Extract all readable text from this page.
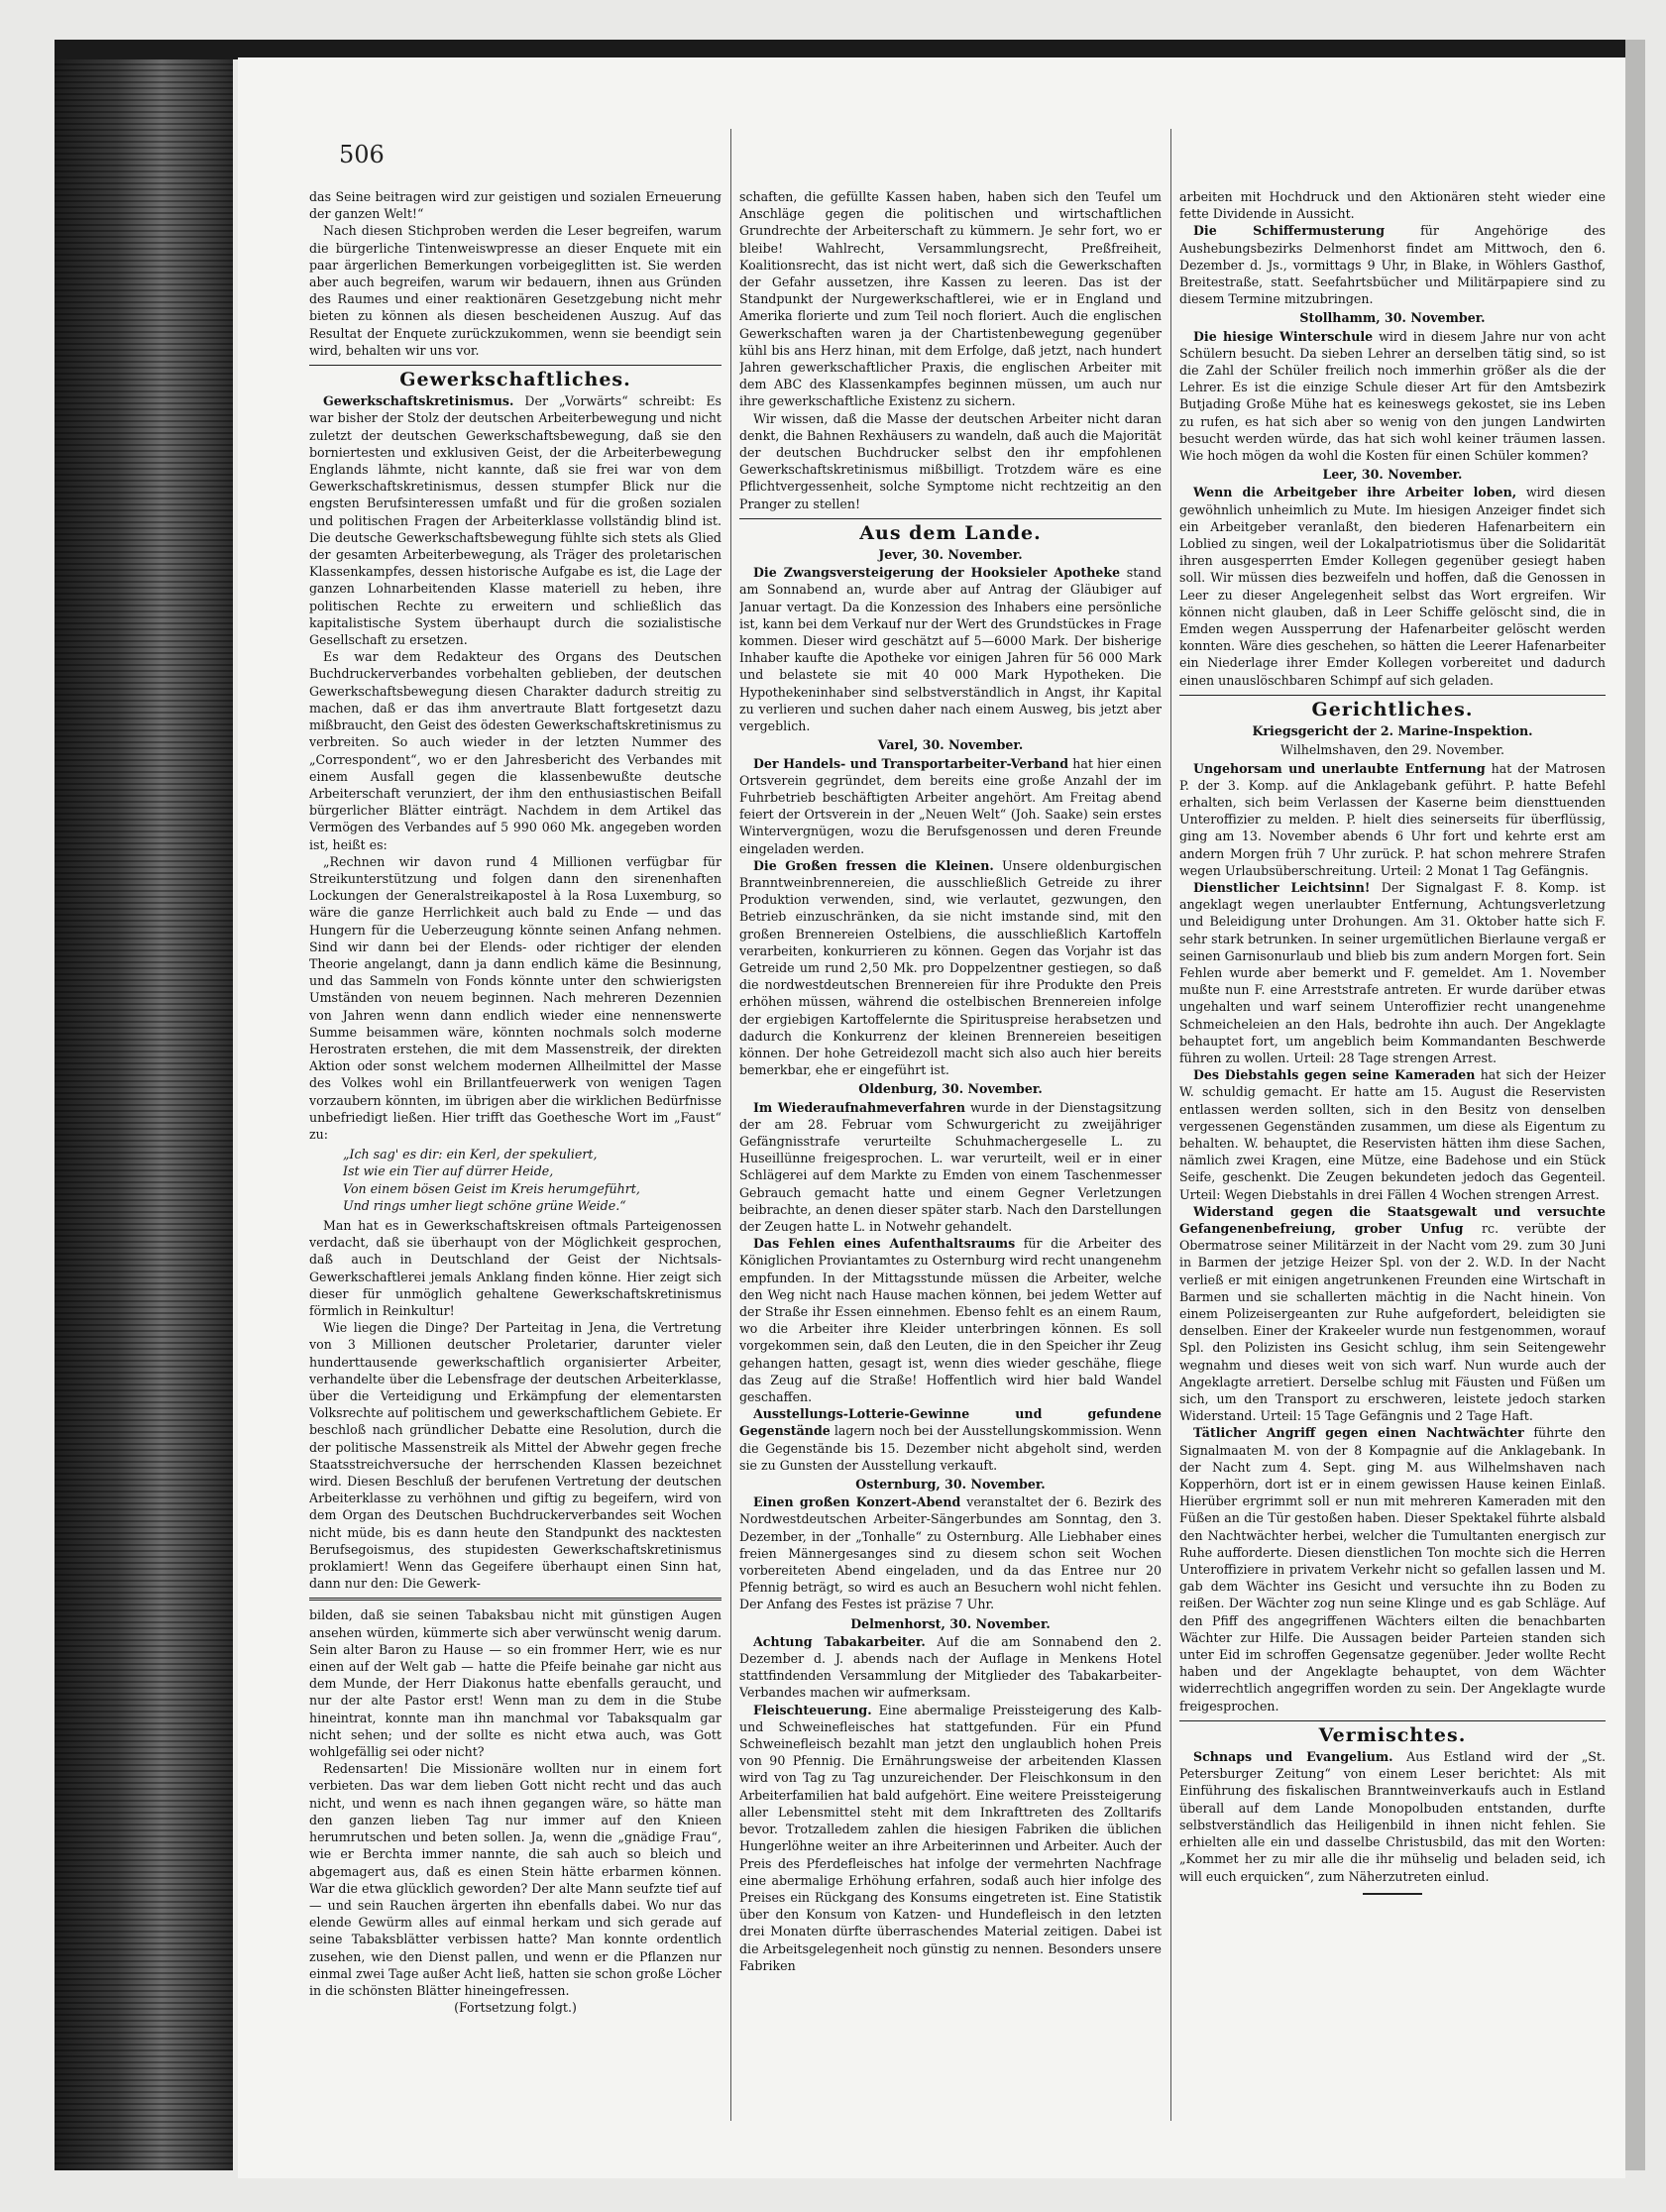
506

das Seine beitragen wird zur geistigen und sozialen Erneuerung der ganzen Welt!“

Nach diesen Stichproben werden die Leser begreifen, warum die bürgerliche Tintenweiswpresse an dieser Enquete mit ein paar ärgerlichen Bemerkungen vorbeigeglitten ist. Sie werden aber auch begreifen, warum wir bedauern, ihnen aus Gründen des Raumes und einer reaktionären Gesetzgebung nicht mehr bieten zu können als diesen bescheidenen Auszug. Auf das Resultat der Enquete zurückzukommen, wenn sie beendigt sein wird, behalten wir uns vor.

Gewerkschaftliches.

Gewerkschaftskretinismus. Der „Vorwärts“ schreibt: Es war bisher der Stolz der deutschen Arbeiterbewegung und nicht zuletzt der deutschen Gewerkschaftsbewegung, daß sie den borniertesten und exklusiven Geist, der die Arbeiterbewegung Englands lähmte, nicht kannte, daß sie frei war von dem Gewerkschaftskretinismus, dessen stumpfer Blick nur die engsten Berufsinteressen umfaßt und für die großen sozialen und politischen Fragen der Arbeiterklasse vollständig blind ist. Die deutsche Gewerkschaftsbewegung fühlte sich stets als Glied der gesamten Arbeiterbewegung, als Träger des proletarischen Klassenkampfes, dessen historische Aufgabe es ist, die Lage der ganzen Lohnarbeitenden Klasse materiell zu heben, ihre politischen Rechte zu erweitern und schließlich das kapitalistische System überhaupt durch die sozialistische Gesellschaft zu ersetzen.

Es war dem Redakteur des Organs des Deutschen Buchdruckerverbandes vorbehalten geblieben, der deutschen Gewerkschaftsbewegung diesen Charakter dadurch streitig zu machen, daß er das ihm anvertraute Blatt fortgesetzt dazu mißbraucht, den Geist des ödesten Gewerkschaftskretinismus zu verbreiten. So auch wieder in der letzten Nummer des „Correspondent“, wo er den Jahresbericht des Verbandes mit einem Ausfall gegen die klassenbewußte deutsche Arbeiterschaft verunziert, der ihm den enthusiastischen Beifall bürgerlicher Blätter einträgt. Nachdem in dem Artikel das Vermögen des Verbandes auf 5 990 060 Mk. angegeben worden ist, heißt es:

„Rechnen wir davon rund 4 Millionen verfügbar für Streikunterstützung und folgen dann den sirenenhaften Lockungen der Generalstreikapostel à la Rosa Luxemburg, so wäre die ganze Herrlichkeit auch bald zu Ende — und das Hungern für die Ueberzeugung könnte seinen Anfang nehmen. Sind wir dann bei der Elends- oder richtiger der elenden Theorie angelangt, dann ja dann endlich käme die Besinnung, und das Sammeln von Fonds könnte unter den schwierigsten Umständen von neuem beginnen. Nach mehreren Dezennien von Jahren wenn dann endlich wieder eine nennenswerte Summe beisammen wäre, könnten nochmals solch moderne Herostraten erstehen, die mit dem Massenstreik, der direkten Aktion oder sonst welchem modernen Allheilmittel der Masse des Volkes wohl ein Brillantfeuerwerk von wenigen Tagen vorzaubern könnten, im übrigen aber die wirklichen Bedürfnisse unbefriedigt ließen. Hier trifft das Goethesche Wort im „Faust“ zu:

„Ich sag' es dir: ein Kerl, der spekuliert,
Ist wie ein Tier auf dürrer Heide,
Von einem bösen Geist im Kreis herumgeführt,
Und rings umher liegt schöne grüne Weide.“

Man hat es in Gewerkschaftskreisen oftmals Parteigenossen verdacht, daß sie überhaupt von der Möglichkeit gesprochen, daß auch in Deutschland der Geist der Nichtsals-Gewerkschaftlerei jemals Anklang finden könne. Hier zeigt sich dieser für unmöglich gehaltene Gewerkschaftskretinismus förmlich in Reinkultur!

Wie liegen die Dinge? Der Parteitag in Jena, die Vertretung von 3 Millionen deutscher Proletarier, darunter vieler hunderttausende gewerkschaftlich organisierter Arbeiter, verhandelte über die Lebensfrage der deutschen Arbeiterklasse, über die Verteidigung und Erkämpfung der elementarsten Volksrechte auf politischem und gewerkschaftlichem Gebiete. Er beschloß nach gründlicher Debatte eine Resolution, durch die der politische Massenstreik als Mittel der Abwehr gegen freche Staatsstreichversuche der herrschenden Klassen bezeichnet wird. Diesen Beschluß der berufenen Vertretung der deutschen Arbeiterklasse zu verhöhnen und giftig zu begeifern, wird von dem Organ des Deutschen Buchdruckerverbandes seit Wochen nicht müde, bis es dann heute den Standpunkt des nacktesten Berufsegoismus, des stupidesten Gewerkschaftskretinismus proklamiert! Wenn das Gegeifere überhaupt einen Sinn hat, dann nur den: Die Gewerk-

bilden, daß sie seinen Tabaksbau nicht mit günstigen Augen ansehen würden, kümmerte sich aber verwünscht wenig darum. Sein alter Baron zu Hause — so ein frommer Herr, wie es nur einen auf der Welt gab — hatte die Pfeife beinahe gar nicht aus dem Munde, der Herr Diakonus hatte ebenfalls geraucht, und nur der alte Pastor erst! Wenn man zu dem in die Stube hineintrat, konnte man ihn manchmal vor Tabaksqualm gar nicht sehen; und der sollte es nicht etwa auch, was Gott wohlgefällig sei oder nicht?

Redensarten! Die Missionäre wollten nur in einem fort verbieten. Das war dem lieben Gott nicht recht und das auch nicht, und wenn es nach ihnen gegangen wäre, so hätte man den ganzen lieben Tag nur immer auf den Knieen herumrutschen und beten sollen. Ja, wenn die „gnädige Frau“, wie er Berchta immer nannte, die sah auch so bleich und abgemagert aus, daß es einen Stein hätte erbarmen können. War die etwa glücklich geworden? Der alte Mann seufzte tief auf — und sein Rauchen ärgerten ihn ebenfalls dabei. Wo nur das elende Gewürm alles auf einmal herkam und sich gerade auf seine Tabaksblätter verbissen hatte? Man konnte ordentlich zusehen, wie den Dienst pallen, und wenn er die Pflanzen nur einmal zwei Tage außer Acht ließ, hatten sie schon große Löcher in die schönsten Blätter hineingefressen.

(Fortsetzung folgt.)

schaften, die gefüllte Kassen haben, haben sich den Teufel um Anschläge gegen die politischen und wirtschaftlichen Grundrechte der Arbeiterschaft zu kümmern. Je sehr fort, wo er bleibe! Wahlrecht, Versammlungsrecht, Preßfreiheit, Koalitionsrecht, das ist nicht wert, daß sich die Gewerkschaften der Gefahr aussetzen, ihre Kassen zu leeren. Das ist der Standpunkt der Nurgewerkschaftlerei, wie er in England und Amerika florierte und zum Teil noch floriert. Auch die englischen Gewerkschaften waren ja der Chartistenbewegung gegenüber kühl bis ans Herz hinan, mit dem Erfolge, daß jetzt, nach hundert Jahren gewerkschaftlicher Praxis, die englischen Arbeiter mit dem ABC des Klassenkampfes beginnen müssen, um auch nur ihre gewerkschaftliche Existenz zu sichern.

Wir wissen, daß die Masse der deutschen Arbeiter nicht daran denkt, die Bahnen Rexhäusers zu wandeln, daß auch die Majorität der deutschen Buchdrucker selbst den ihr empfohlenen Gewerkschaftskretinismus mißbilligt. Trotzdem wäre es eine Pflichtvergessenheit, solche Symptome nicht rechtzeitig an den Pranger zu stellen!

Aus dem Lande.
Jever, 30. November.

Die Zwangsversteigerung der Hooksieler Apotheke stand am Sonnabend an, wurde aber auf Antrag der Gläubiger auf Januar vertagt. Da die Konzession des Inhabers eine persönliche ist, kann bei dem Verkauf nur der Wert des Grundstückes in Frage kommen. Dieser wird geschätzt auf 5—6000 Mark. Der bisherige Inhaber kaufte die Apotheke vor einigen Jahren für 56 000 Mark und belastete sie mit 40 000 Mark Hypotheken. Die Hypothekeninhaber sind selbstverständlich in Angst, ihr Kapital zu verlieren und suchen daher nach einem Ausweg, bis jetzt aber vergeblich.

Varel, 30. November.

Der Handels- und Transportarbeiter-Verband hat hier einen Ortsverein gegründet, dem bereits eine große Anzahl der im Fuhrbetrieb beschäftigten Arbeiter angehört. Am Freitag abend feiert der Ortsverein in der „Neuen Welt“ (Joh. Saake) sein erstes Wintervergnügen, wozu die Berufsgenossen und deren Freunde eingeladen werden.

Die Großen fressen die Kleinen. Unsere oldenburgischen Branntweinbrennereien, die ausschließlich Getreide zu ihrer Produktion verwenden, sind, wie verlautet, gezwungen, den Betrieb einzuschränken, da sie nicht imstande sind, mit den großen Brennereien Ostelbiens, die ausschließlich Kartoffeln verarbeiten, konkurrieren zu können. Gegen das Vorjahr ist das Getreide um rund 2,50 Mk. pro Doppelzentner gestiegen, so daß die nordwestdeutschen Brennereien für ihre Produkte den Preis erhöhen müssen, während die ostelbischen Brennereien infolge der ergiebigen Kartoffelernte die Spirituspreise herabsetzen und dadurch die Konkurrenz der kleinen Brennereien beseitigen können. Der hohe Getreidezoll macht sich also auch hier bereits bemerkbar, ehe er eingeführt ist.

Oldenburg, 30. November.

Im Wiederaufnahmeverfahren wurde in der Dienstagsitzung der am 28. Februar vom Schwurgericht zu zweijähriger Gefängnisstrafe verurteilte Schuhmachergeselle L. zu Huseillünne freigesprochen. L. war verurteilt, weil er in einer Schlägerei auf dem Markte zu Emden von einem Taschenmesser Gebrauch gemacht hatte und einem Gegner Verletzungen beibrachte, an denen dieser später starb. Nach den Darstellungen der Zeugen hatte L. in Notwehr gehandelt.

Das Fehlen eines Aufenthaltsraums für die Arbeiter des Königlichen Proviantamtes zu Osternburg wird recht unangenehm empfunden. In der Mittagsstunde müssen die Arbeiter, welche den Weg nicht nach Hause machen können, bei jedem Wetter auf der Straße ihr Essen einnehmen. Ebenso fehlt es an einem Raum, wo die Arbeiter ihre Kleider unterbringen können. Es soll vorgekommen sein, daß den Leuten, die in den Speicher ihr Zeug gehangen hatten, gesagt ist, wenn dies wieder geschähe, fliege das Zeug auf die Straße! Hoffentlich wird hier bald Wandel geschaffen.

Ausstellungs-Lotterie-Gewinne und gefundene Gegenstände lagern noch bei der Ausstellungskommission. Wenn die Gegenstände bis 15. Dezember nicht abgeholt sind, werden sie zu Gunsten der Ausstellung verkauft.

Osternburg, 30. November.

Einen großen Konzert-Abend veranstaltet der 6. Bezirk des Nordwestdeutschen Arbeiter-Sängerbundes am Sonntag, den 3. Dezember, in der „Tonhalle“ zu Osternburg. Alle Liebhaber eines freien Männergesanges sind zu diesem schon seit Wochen vorbereiteten Abend eingeladen, und da das Entree nur 20 Pfennig beträgt, so wird es auch an Besuchern wohl nicht fehlen. Der Anfang des Festes ist präzise 7 Uhr.

Delmenhorst, 30. November.

Achtung Tabakarbeiter. Auf die am Sonnabend den 2. Dezember d. J. abends nach der Auflage in Menkens Hotel stattfindenden Versammlung der Mitglieder des Tabakarbeiter-Verbandes machen wir aufmerksam.

Fleischteuerung. Eine abermalige Preissteigerung des Kalb- und Schweinefleisches hat stattgefunden. Für ein Pfund Schweinefleisch bezahlt man jetzt den unglaublich hohen Preis von 90 Pfennig. Die Ernährungsweise der arbeitenden Klassen wird von Tag zu Tag unzureichender. Der Fleischkonsum in den Arbeiterfamilien hat bald aufgehört. Eine weitere Preissteigerung aller Lebensmittel steht mit dem Inkrafttreten des Zolltarifs bevor. Trotzalledem zahlen die hiesigen Fabriken die üblichen Hungerlöhne weiter an ihre Arbeiterinnen und Arbeiter. Auch der Preis des Pferdefleisches hat infolge der vermehrten Nachfrage eine abermalige Erhöhung erfahren, sodaß auch hier infolge des Preises ein Rückgang des Konsums eingetreten ist. Eine Statistik über den Konsum von Katzen- und Hundefleisch in den letzten drei Monaten dürfte überraschendes Material zeitigen. Dabei ist die Arbeitsgelegenheit noch günstig zu nennen. Besonders unsere Fabriken

arbeiten mit Hochdruck und den Aktionären steht wieder eine fette Dividende in Aussicht.

Die Schiffermusterung	für Angehörige des Aushebungsbezirks Delmenhorst findet am Mittwoch, den 6. Dezember d. Js., vormittags 9 Uhr, in Blake, in Wöhlers Gasthof, Breitestraße, statt. Seefahrtsbücher und Militärpapiere sind zu diesem Termine mitzubringen.

Stollhamm, 30. November.

Die hiesige Winterschule wird in diesem Jahre nur von acht Schülern besucht. Da sieben Lehrer an derselben tätig sind, so ist die Zahl der Schüler freilich noch immerhin größer als die der Lehrer. Es ist die einzige Schule dieser Art für den Amtsbezirk Butjading Große Mühe hat es keineswegs gekostet, sie ins Leben zu rufen, es hat sich aber so wenig von den jungen Landwirten besucht werden würde, das hat sich wohl keiner träumen lassen. Wie hoch mögen da wohl die Kosten für einen Schüler kommen?

Leer, 30. November.

Wenn die Arbeitgeber ihre Arbeiter loben, wird diesen gewöhnlich unheimlich zu Mute. Im hiesigen Anzeiger findet sich ein Arbeitgeber veranlaßt, den biederen Hafenarbeitern ein Loblied zu singen, weil der Lokalpatriotismus über die Solidarität ihren ausgesperrten Emder Kollegen gegenüber gesiegt haben soll. Wir müssen dies bezweifeln und hoffen, daß die Genossen in Leer zu dieser Angelegenheit selbst das Wort ergreifen. Wir können nicht glauben, daß in Leer Schiffe gelöscht sind, die in Emden wegen Aussperrung der Hafenarbeiter gelöscht werden konnten. Wäre dies geschehen, so hätten die Leerer Hafenarbeiter ein Niederlage ihrer Emder Kollegen vorbereitet und dadurch einen unauslöschbaren Schimpf auf sich geladen.

Gerichtliches.
Kriegsgericht der 2. Marine-Inspektion.
Wilhelmshaven, den 29. November.

Ungehorsam und unerlaubte Entfernung hat der Matrosen P. der 3. Komp. auf die Anklagebank geführt. P. hatte Befehl erhalten, sich beim Verlassen der Kaserne beim diensttuenden Unteroffizier zu melden. P. hielt dies seinerseits für überflüssig, ging am 13. November abends 6 Uhr fort und kehrte erst am andern Morgen früh 7 Uhr zurück. P. hat schon mehrere Strafen wegen Urlaubsüberschreitung. Urteil: 2 Monat 1 Tag Gefängnis.

Dienstlicher Leichtsinn! Der Signalgast F. 8. Komp. ist angeklagt wegen unerlaubter Entfernung, Achtungsverletzung und Beleidigung unter Drohungen. Am 31. Oktober hatte sich F. sehr stark betrunken. In seiner urgemütlichen Bierlaune vergaß er seinen Garnisonurlaub und blieb bis zum andern Morgen fort. Sein Fehlen wurde aber bemerkt und F. gemeldet. Am 1. November mußte nun F. eine Arreststrafe antreten. Er wurde darüber etwas ungehalten und warf seinem Unteroffizier recht unangenehme Schmeicheleien an den Hals, bedrohte ihn auch. Der Angeklagte behauptet fort, um angeblich beim Kommandanten Beschwerde führen zu wollen. Urteil: 28 Tage strengen Arrest.

Des Diebstahls gegen seine Kameraden hat sich der Heizer W. schuldig gemacht. Er hatte am 15. August die Reservisten entlassen werden sollten, sich in den Besitz von denselben vergessenen Gegenständen zusammen, um diese als Eigentum zu behalten. W. behauptet, die Reservisten hätten ihm diese Sachen, nämlich zwei Kragen, eine Mütze, eine Badehose und ein Stück Seife, geschenkt. Die Zeugen bekundeten jedoch das Gegenteil. Urteil: Wegen Diebstahls in drei Fällen 4 Wochen strengen Arrest.

Widerstand gegen die Staatsgewalt und versuchte Gefangenenbefreiung, grober Unfug rc. verübte der Obermatrose seiner Militärzeit in der Nacht vom 29. zum 30 Juni in Barmen der jetzige Heizer Spl. von der 2. W.D. In der Nacht verließ er mit einigen angetrunkenen Freunden eine Wirtschaft in Barmen und sie schallerten mächtig in die Nacht hinein. Von einem Polizeisergeanten zur Ruhe aufgefordert, beleidigten sie denselben. Einer der Krakeeler wurde nun festgenommen, worauf Spl. den Polizisten ins Gesicht schlug, ihm sein Seitengewehr wegnahm und dieses weit von sich warf. Nun wurde auch der Angeklagte arretiert. Derselbe schlug mit Fäusten und Füßen um sich, um den Transport zu erschweren, leistete jedoch starken Widerstand. Urteil: 15 Tage Gefängnis und 2 Tage Haft.

Tätlicher Angriff gegen einen Nachtwächter führte den Signalmaaten M. von der 8 Kompagnie auf die Anklagebank. In der Nacht zum 4. Sept. ging M. aus Wilhelmshaven nach Kopperhörn, dort ist er in einem gewissen Hause keinen Einlaß. Hierüber ergrimmt soll er nun mit mehreren Kameraden mit den Füßen an die Tür gestoßen haben. Dieser Spektakel führte alsbald den Nachtwächter herbei, welcher die Tumultanten energisch zur Ruhe aufforderte. Diesen dienstlichen Ton mochte sich die Herren Unteroffiziere in privatem Verkehr nicht so gefallen lassen und M. gab dem Wächter ins Gesicht und versuchte ihn zu Boden zu reißen. Der Wächter zog nun seine Klinge und es gab Schläge. Auf den Pfiff des angegriffenen Wächters eilten die benachbarten Wächter zur Hilfe. Die Aussagen beider Parteien standen sich unter Eid im schroffen Gegensatze gegenüber. Jeder wollte Recht haben und der Angeklagte behauptet, von dem Wächter widerrechtlich angegriffen worden zu sein. Der Angeklagte wurde freigesprochen.

Vermischtes.

Schnaps und Evangelium. Aus Estland wird der „St. Petersburger Zeitung“ von einem Leser berichtet: Als mit Einführung des fiskalischen Branntweinverkaufs auch in Estland überall auf dem Lande Monopolbuden entstanden, durfte selbstverständlich das Heiligenbild in ihnen nicht fehlen. Sie erhielten alle ein und dasselbe Christusbild, das mit den Worten: „Kommet her zu mir alle die ihr mühselig und beladen seid, ich will euch erquicken“, zum Näherzutreten einlud.
